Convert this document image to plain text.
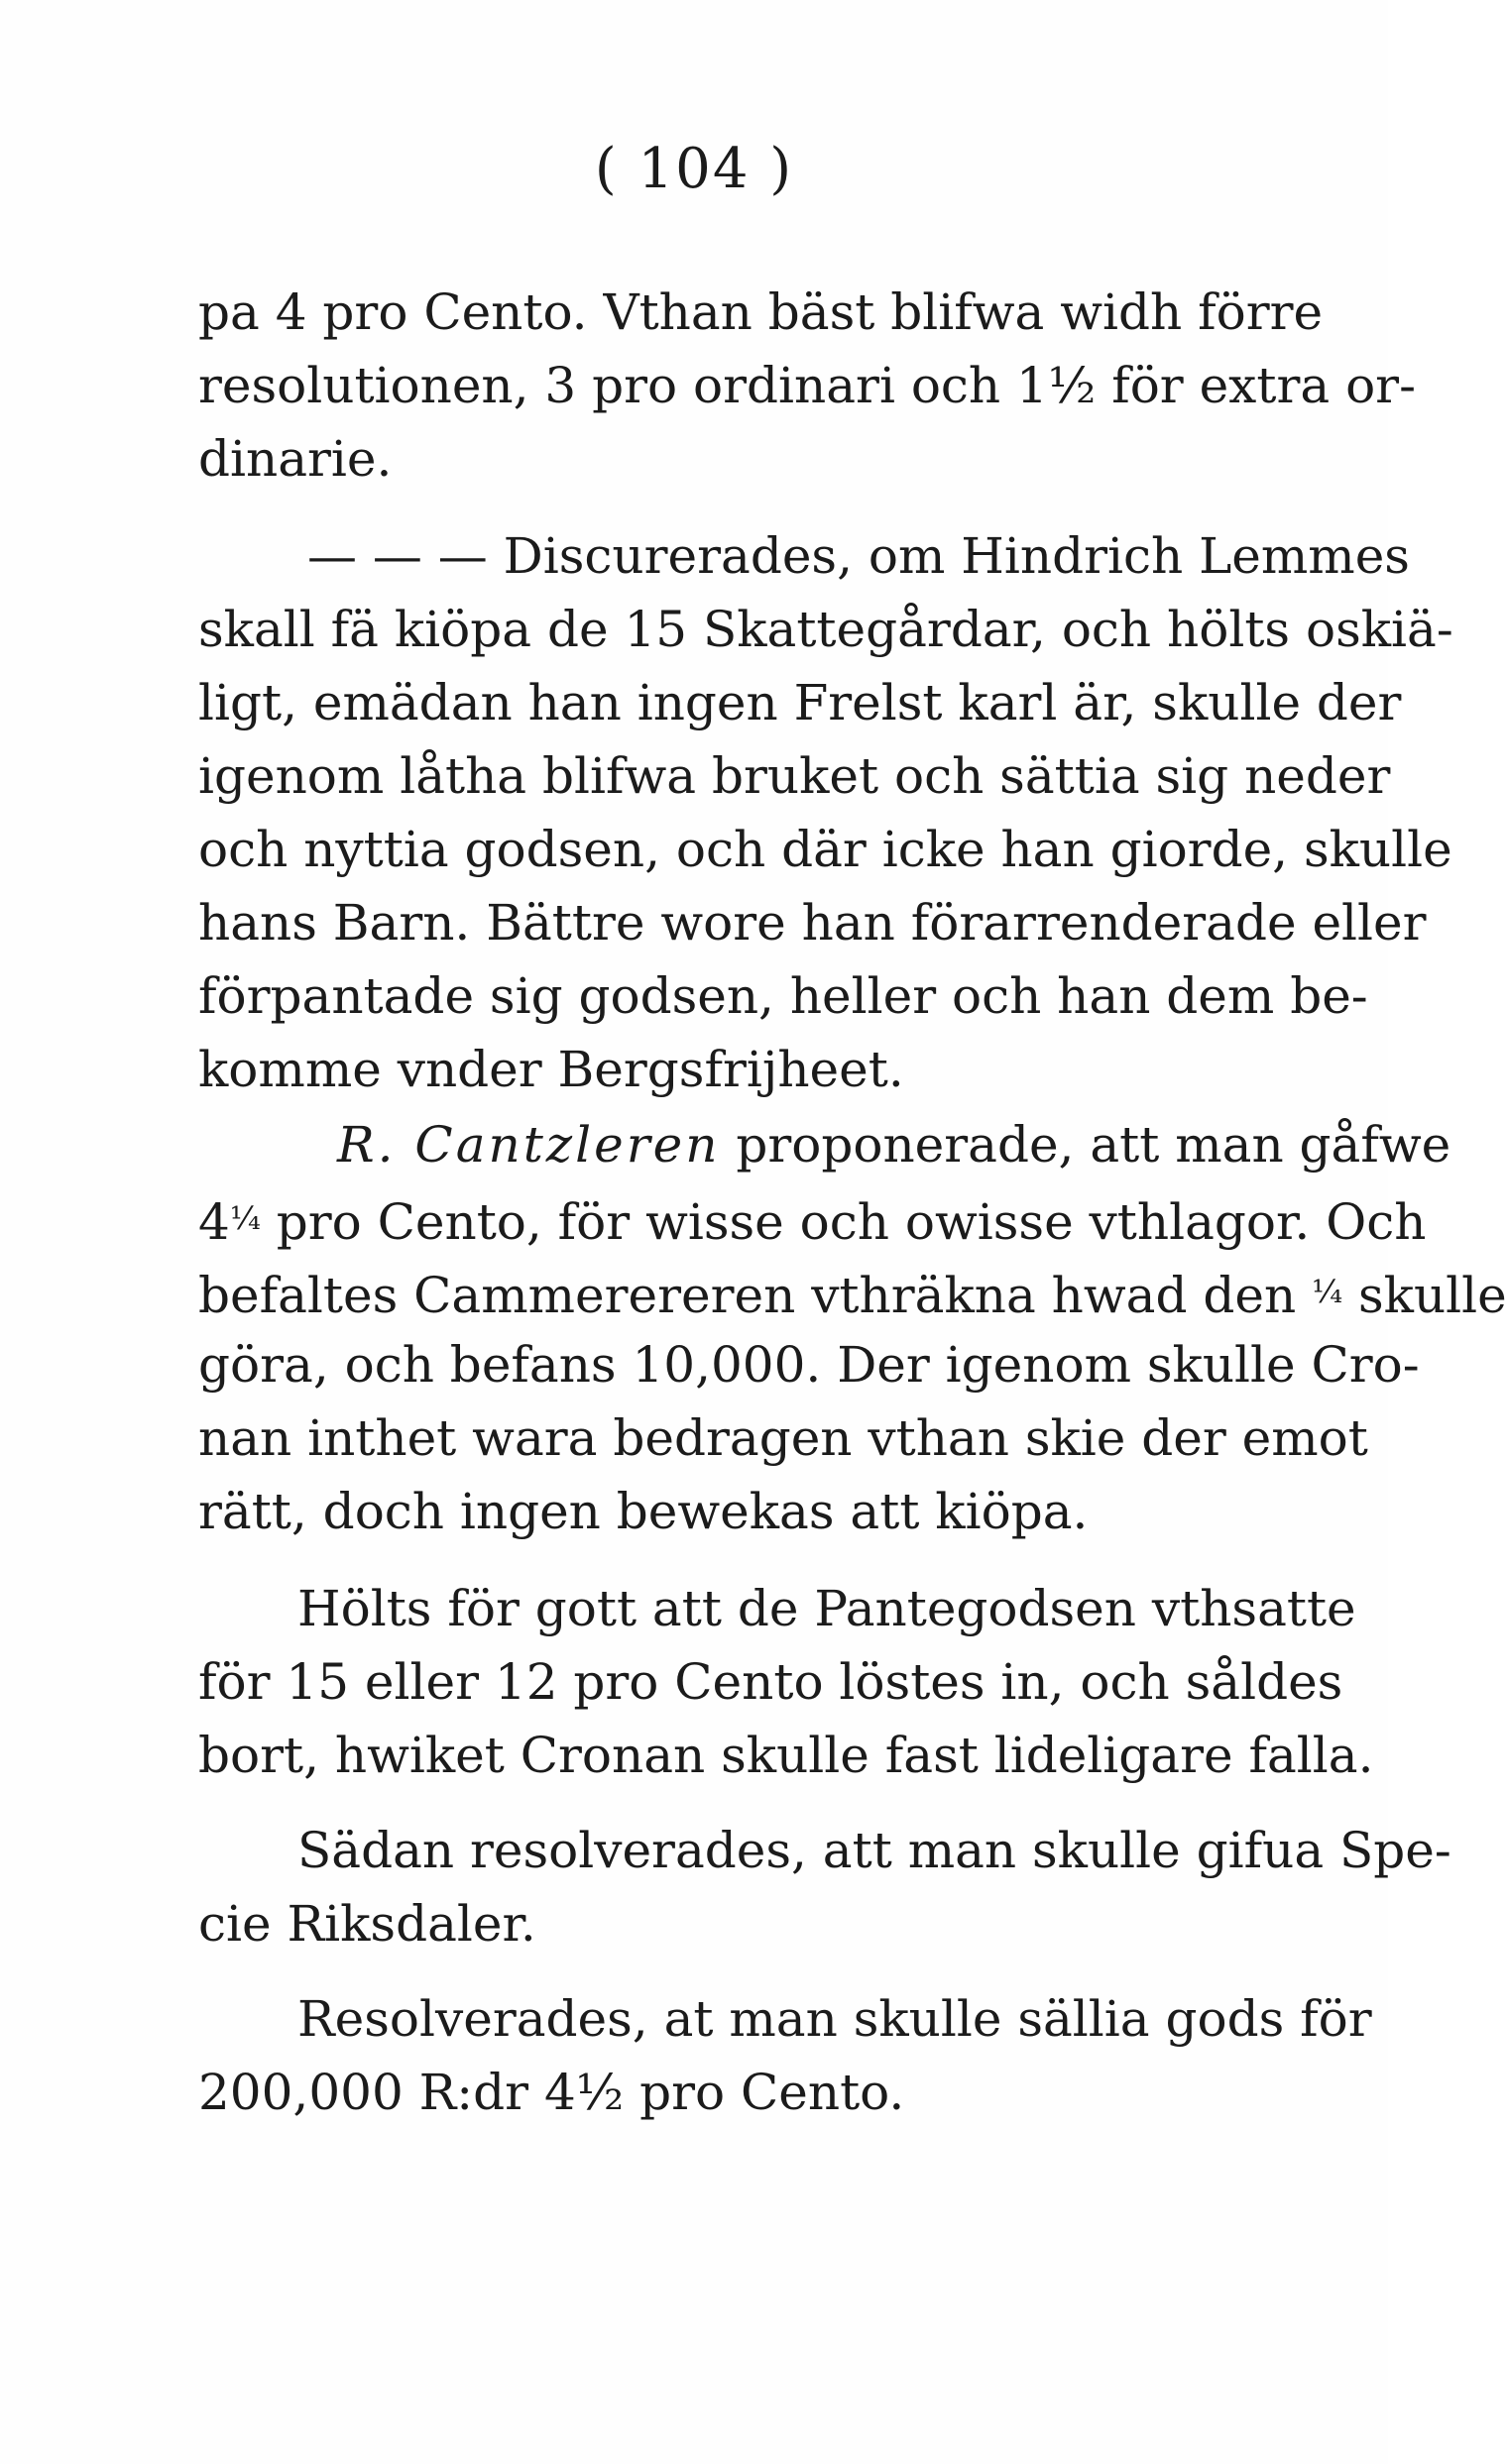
( 104 )
pa 4 pro Cento. Vthan bäst blifwa widh förre
resolutionen, 3 pro ordinari och 1½ för extra or-
dinarie.
— — — Discurerades, om Hindrich Lemmes
skall fä kiöpa de 15 Skattegårdar, och hölts oskiä-
ligt, emädan han ingen Frelst karl är, skulle der
igenom låtha blifwa bruket och sättia sig neder
och nyttia godsen, och där icke han giorde, skulle
hans Barn. Bättre wore han förarrenderade eller
förpantade sig godsen, heller och han dem be-
komme vnder Bergsfrijheet.
R. Cantzleren proponerade, att man gåfwe
$4^{\frac{1}{4}}$ pro Cento, för wisse och owisse vthlagor. Och
befaltes Cammerereren vthräkna hwad den $^{\frac{1}{4}}$ skulle
göra, och befans 10,000. Der igenom skulle Cro-
nan inthet wara bedragen vthan skie der emot
rätt, doch ingen bewekas att kiöpa.
Hölts för gott att de Pantegodsen vthsatte
för 15 eller 12 pro Cento löstes in, och såldes
bort, hwiket Cronan skulle fast lideligare falla.
Sädan resolverades, att man skulle gifua Spe-
cie Riksdaler.
Resolverades, at man skulle sällia gods för
200,000 R:dr 4½ pro Cento.
